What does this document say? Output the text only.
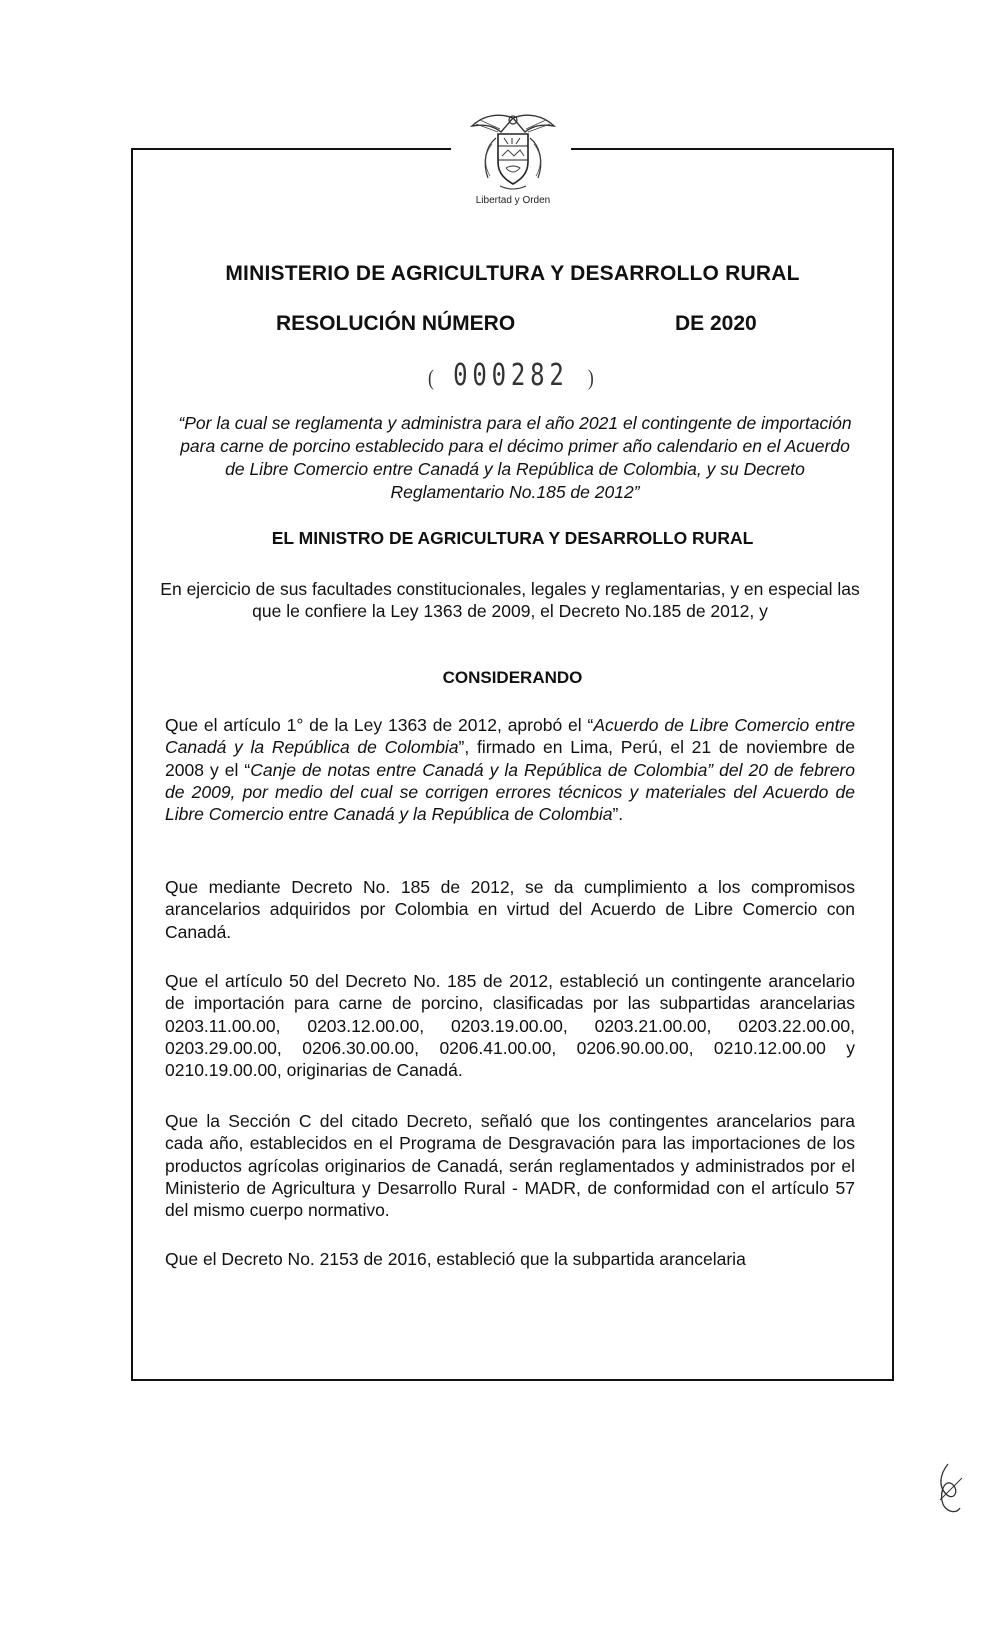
Libertad y Orden
MINISTERIO DE AGRICULTURA Y DESARROLLO RURAL
RESOLUCIÓN NÚMERO	DE 2020
( 000282 )
“Por la cual se reglamenta y administra para el año 2021 el contingente de importación para carne de porcino establecido para el décimo primer año calendario en el Acuerdo de Libre Comercio entre Canadá y la República de Colombia, y su Decreto Reglamentario No.185 de 2012”
EL MINISTRO DE AGRICULTURA Y DESARROLLO RURAL
En ejercicio de sus facultades constitucionales, legales y reglamentarias, y en especial las que le confiere la Ley 1363 de 2009, el Decreto No.185 de 2012, y
CONSIDERANDO
Que el artículo 1° de la Ley 1363 de 2012, aprobó el “Acuerdo de Libre Comercio entre Canadá y la República de Colombia”, firmado en Lima, Perú, el 21 de noviembre de 2008 y el “Canje de notas entre Canadá y la República de Colombia” del 20 de febrero de 2009, por medio del cual se corrigen errores técnicos y materiales del Acuerdo de Libre Comercio entre Canadá y la República de Colombia”.
Que mediante Decreto No. 185 de 2012, se da cumplimiento a los compromisos arancelarios adquiridos por Colombia en virtud del Acuerdo de Libre Comercio con Canadá.
Que el artículo 50 del Decreto No. 185 de 2012, estableció un contingente arancelario de importación para carne de porcino, clasificadas por las subpartidas arancelarias 0203.11.00.00, 0203.12.00.00, 0203.19.00.00, 0203.21.00.00, 0203.22.00.00, 0203.29.00.00, 0206.30.00.00, 0206.41.00.00, 0206.90.00.00, 0210.12.00.00 y 0210.19.00.00, originarias de Canadá.
Que la Sección C del citado Decreto, señaló que los contingentes arancelarios para cada año, establecidos en el Programa de Desgravación para las importaciones de los productos agrícolas originarios de Canadá, serán reglamentados y administrados por el Ministerio de Agricultura y Desarrollo Rural - MADR, de conformidad con el artículo 57 del mismo cuerpo normativo.
Que el Decreto No. 2153 de 2016, estableció que la subpartida arancelaria
